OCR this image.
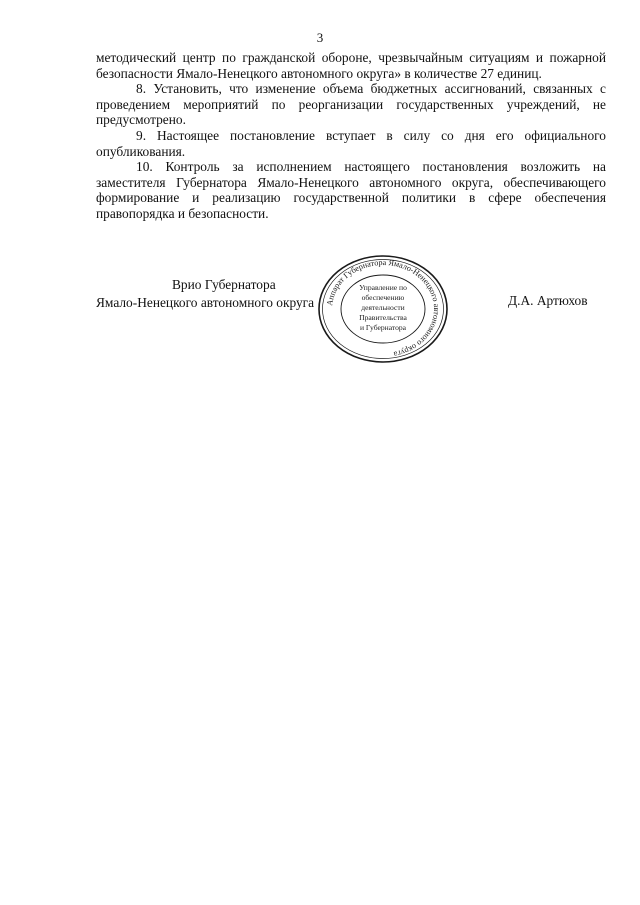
3

методический центр по гражданской обороне, чрезвычайным ситуациям и пожарной безопасности Ямало-Ненецкого автономного округа» в количестве 27 единиц.

8. Установить, что изменение объема бюджетных ассигнований, связанных с проведением мероприятий по реорганизации государственных учреждений, не предусмотрено.

9. Настоящее постановление вступает в силу со дня его официального опубликования.

10. Контроль за исполнением настоящего постановления возложить на заместителя Губернатора Ямало-Ненецкого автономного округа, обеспечивающего формирование и реализацию государственной политики в сфере обеспечения правопорядка и безопасности.

Врио Губернатора
Ямало-Ненецкого автономного округа Аппарат Губернатора Ямало-Ненецкого автономного округа
Управление по
обеспечению
деятельности
Правительства
и Губернатора
Д.А. Артюхов
